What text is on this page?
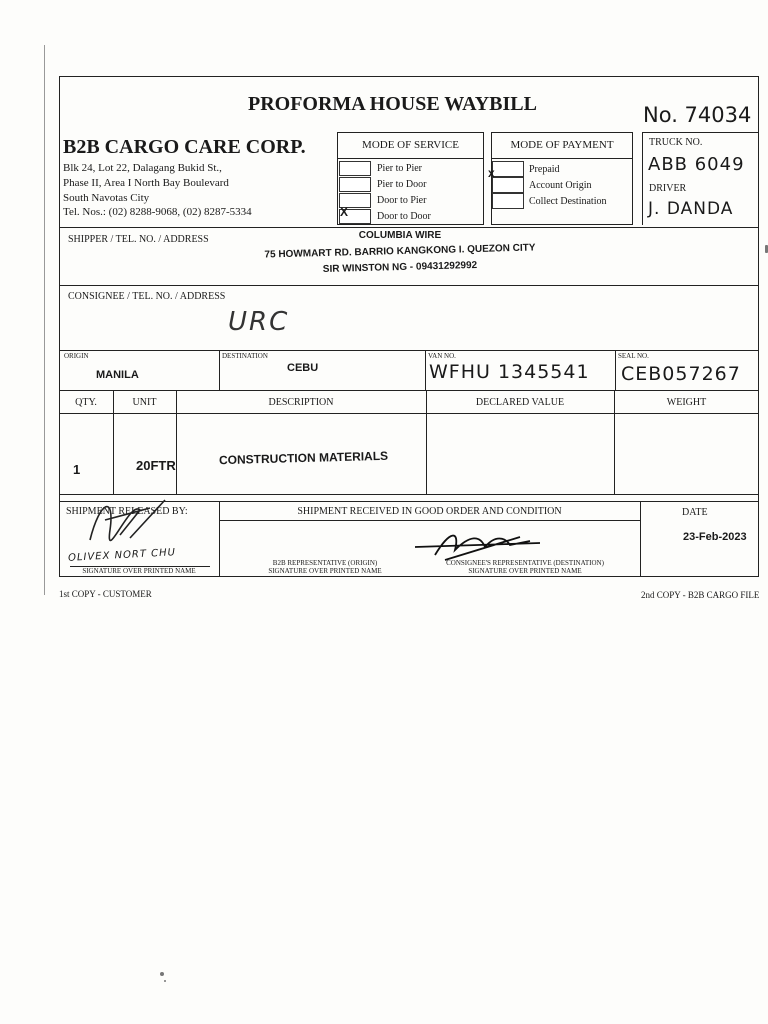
PROFORMA HOUSE WAYBILL	No. 74034
B2B CARGO CARE CORP.
Blk 24, Lot 22, Dalagang Bukid St.,
Phase II, Area I North Bay Boulevard
South Navotas City
Tel. Nos.: (02) 8288-9068, (02) 8287-5334
MODE OF SERVICE
Pier to Pier
Pier to Door
Door to Pier
Door to Door
X
MODE OF PAYMENT
Prepaid
Account Origin
Collect Destination
x
TRUCK NO.
ABB 6049
DRIVER
J. DANDA
SHIPPER / TEL. NO. / ADDRESS	COLUMBIA WIRE
75 HOWMART RD. BARRIO KANGKONG I. QUEZON CITY
SIR WINSTON NG - 09431292992
CONSIGNEE / TEL. NO. / ADDRESS
URC
ORIGIN
MANILA
DESTINATION
CEBU
VAN NO.
WFHU 1345541
SEAL NO.
CEB057267
QTY.	UNIT	DESCRIPTION	DECLARED VALUE	WEIGHT
1	20FTR	CONSTRUCTION MATERIALS
SHIPMENT RELEASED BY:	SHIPMENT RECEIVED IN GOOD ORDER AND CONDITION	DATE
23-Feb-2023
OLIVEX NORT CHU
SIGNATURE OVER PRINTED NAME
B2B REPRESENTATIVE (ORIGIN)
SIGNATURE OVER PRINTED NAME
CONSIGNEE'S REPRESENTATIVE (DESTINATION)
SIGNATURE OVER PRINTED NAME
1st COPY - CUSTOMER	2nd COPY - B2B CARGO FILE
